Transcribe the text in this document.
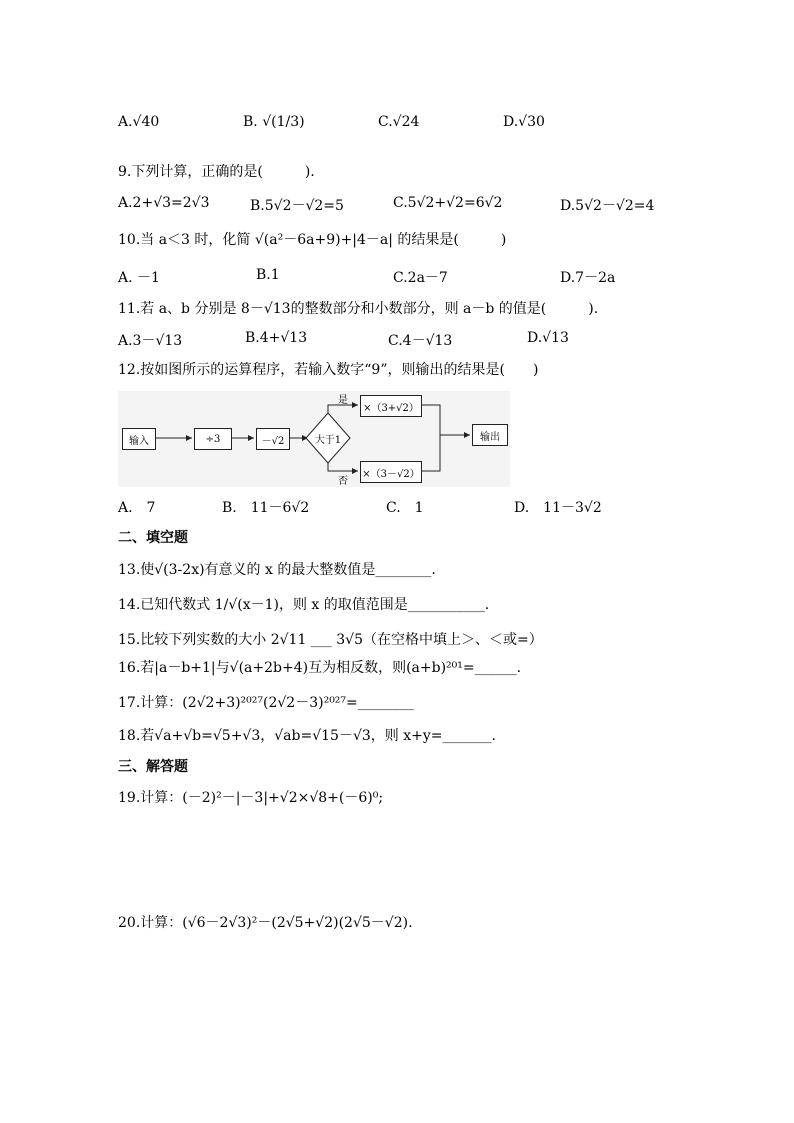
A.√40	B. √(1/3)	C.√24	D.√30
9.下列计算，正确的是(　　　).
A.2+√3=2√3	B.5√2－√2=5	C.5√2+√2=6√2	D.5√2－√2=4
10.当 a＜3 时，化简 √(a²－6a+9)+|4－a| 的结果是(　　　)
A. －1	B.1	C.2a－7	D.7－2a
11.若 a、b 分别是 8－√13的整数部分和小数部分，则 a－b 的值是(　　　).
A.3－√13	B.4+√13	C.4－√13	D.√13
12.按如图所示的运算程序，若输入数字“9”，则输出的结果是(　　)
输入	÷3	－√2	大于1
是
否
×（3+√2）
×（3－√2）
输出
A.　7	B.　11－6√2	C.　1	D.　11－3√2
二、填空题
13.使√(3-2x)有意义的 x 的最大整数值是________.
14.已知代数式 1/√(x－1)，则 x 的取值范围是___________.
15.比较下列实数的大小 2√11 ___ 3√5（在空格中填上＞、＜或=）
16.若|a－b+1|与√(a+2b+4)互为相反数，则(a+b)²⁰¹=______.
17.计算：(2√2+3)²⁰²⁷(2√2－3)²⁰²⁷=________
18.若√a+√b=√5+√3，√ab=√15－√3，则 x+y=_______.
三、解答题
19.计算：(－2)²－|－3|+√2×√8+(－6)⁰;
20.计算：(√6－2√3)²－(2√5+√2)(2√5－√2).
